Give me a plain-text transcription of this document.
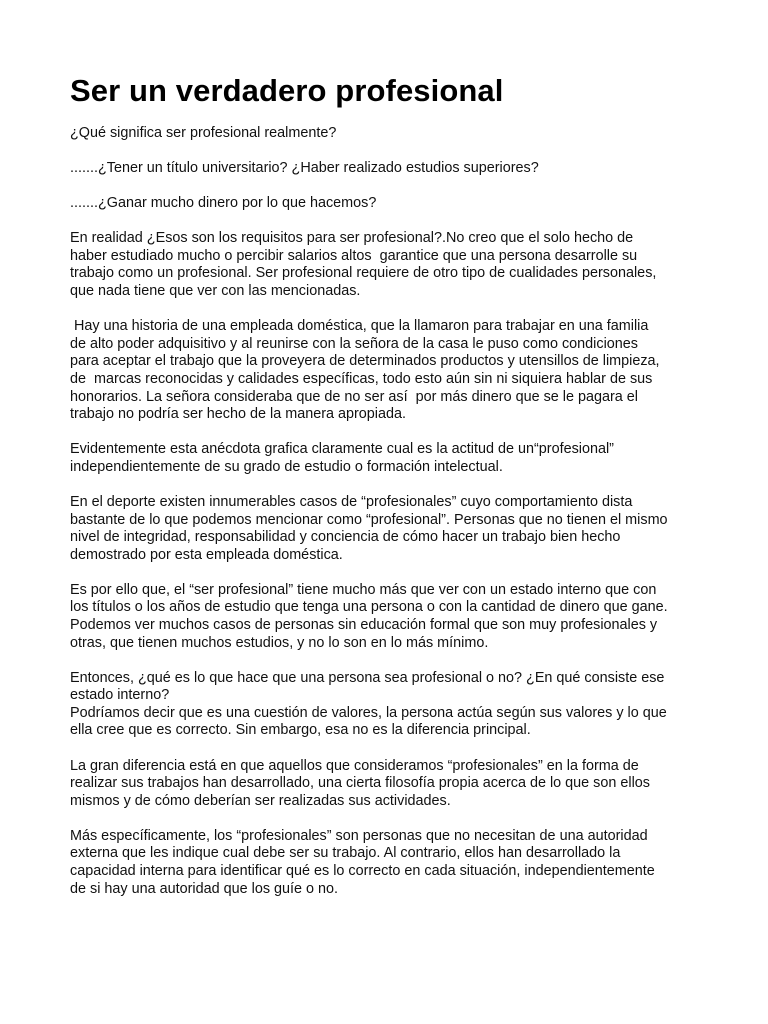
Ser un verdadero profesional

¿Qué significa ser profesional realmente?

.......¿Tener un título universitario? ¿Haber realizado estudios superiores?

.......¿Ganar mucho dinero por lo que hacemos?

En realidad ¿Esos son los requisitos para ser profesional?.No creo que el solo hecho de
haber estudiado mucho o percibir salarios altos  garantice que una persona desarrolle su
trabajo como un profesional. Ser profesional requiere de otro tipo de cualidades personales,
que nada tiene que ver con las mencionadas.

Hay una historia de una empleada doméstica, que la llamaron para trabajar en una familia
de alto poder adquisitivo y al reunirse con la señora de la casa le puso como condiciones
para aceptar el trabajo que la proveyera de determinados productos y utensillos de limpieza,
de  marcas reconocidas y calidades específicas, todo esto aún sin ni siquiera hablar de sus
honorarios. La señora consideraba que de no ser así  por más dinero que se le pagara el
trabajo no podría ser hecho de la manera apropiada.

Evidentemente esta anécdota grafica claramente cual es la actitud de un“profesional”
independientemente de su grado de estudio o formación intelectual.

En el deporte existen innumerables casos de “profesionales” cuyo comportamiento dista
bastante de lo que podemos mencionar como “profesional”. Personas que no tienen el mismo
nivel de integridad, responsabilidad y conciencia de cómo hacer un trabajo bien hecho
demostrado por esta empleada doméstica.

Es por ello que, el “ser profesional” tiene mucho más que ver con un estado interno que con
los títulos o los años de estudio que tenga una persona o con la cantidad de dinero que gane.
Podemos ver muchos casos de personas sin educación formal que son muy profesionales y
otras, que tienen muchos estudios, y no lo son en lo más mínimo.

Entonces, ¿qué es lo que hace que una persona sea profesional o no? ¿En qué consiste ese
estado interno?
Podríamos decir que es una cuestión de valores, la persona actúa según sus valores y lo que
ella cree que es correcto. Sin embargo, esa no es la diferencia principal.

La gran diferencia está en que aquellos que consideramos “profesionales” en la forma de
realizar sus trabajos han desarrollado, una cierta filosofía propia acerca de lo que son ellos
mismos y de cómo deberían ser realizadas sus actividades.

Más específicamente, los “profesionales” son personas que no necesitan de una autoridad
externa que les indique cual debe ser su trabajo. Al contrario, ellos han desarrollado la
capacidad interna para identificar qué es lo correcto en cada situación, independientemente
de si hay una autoridad que los guíe o no.
